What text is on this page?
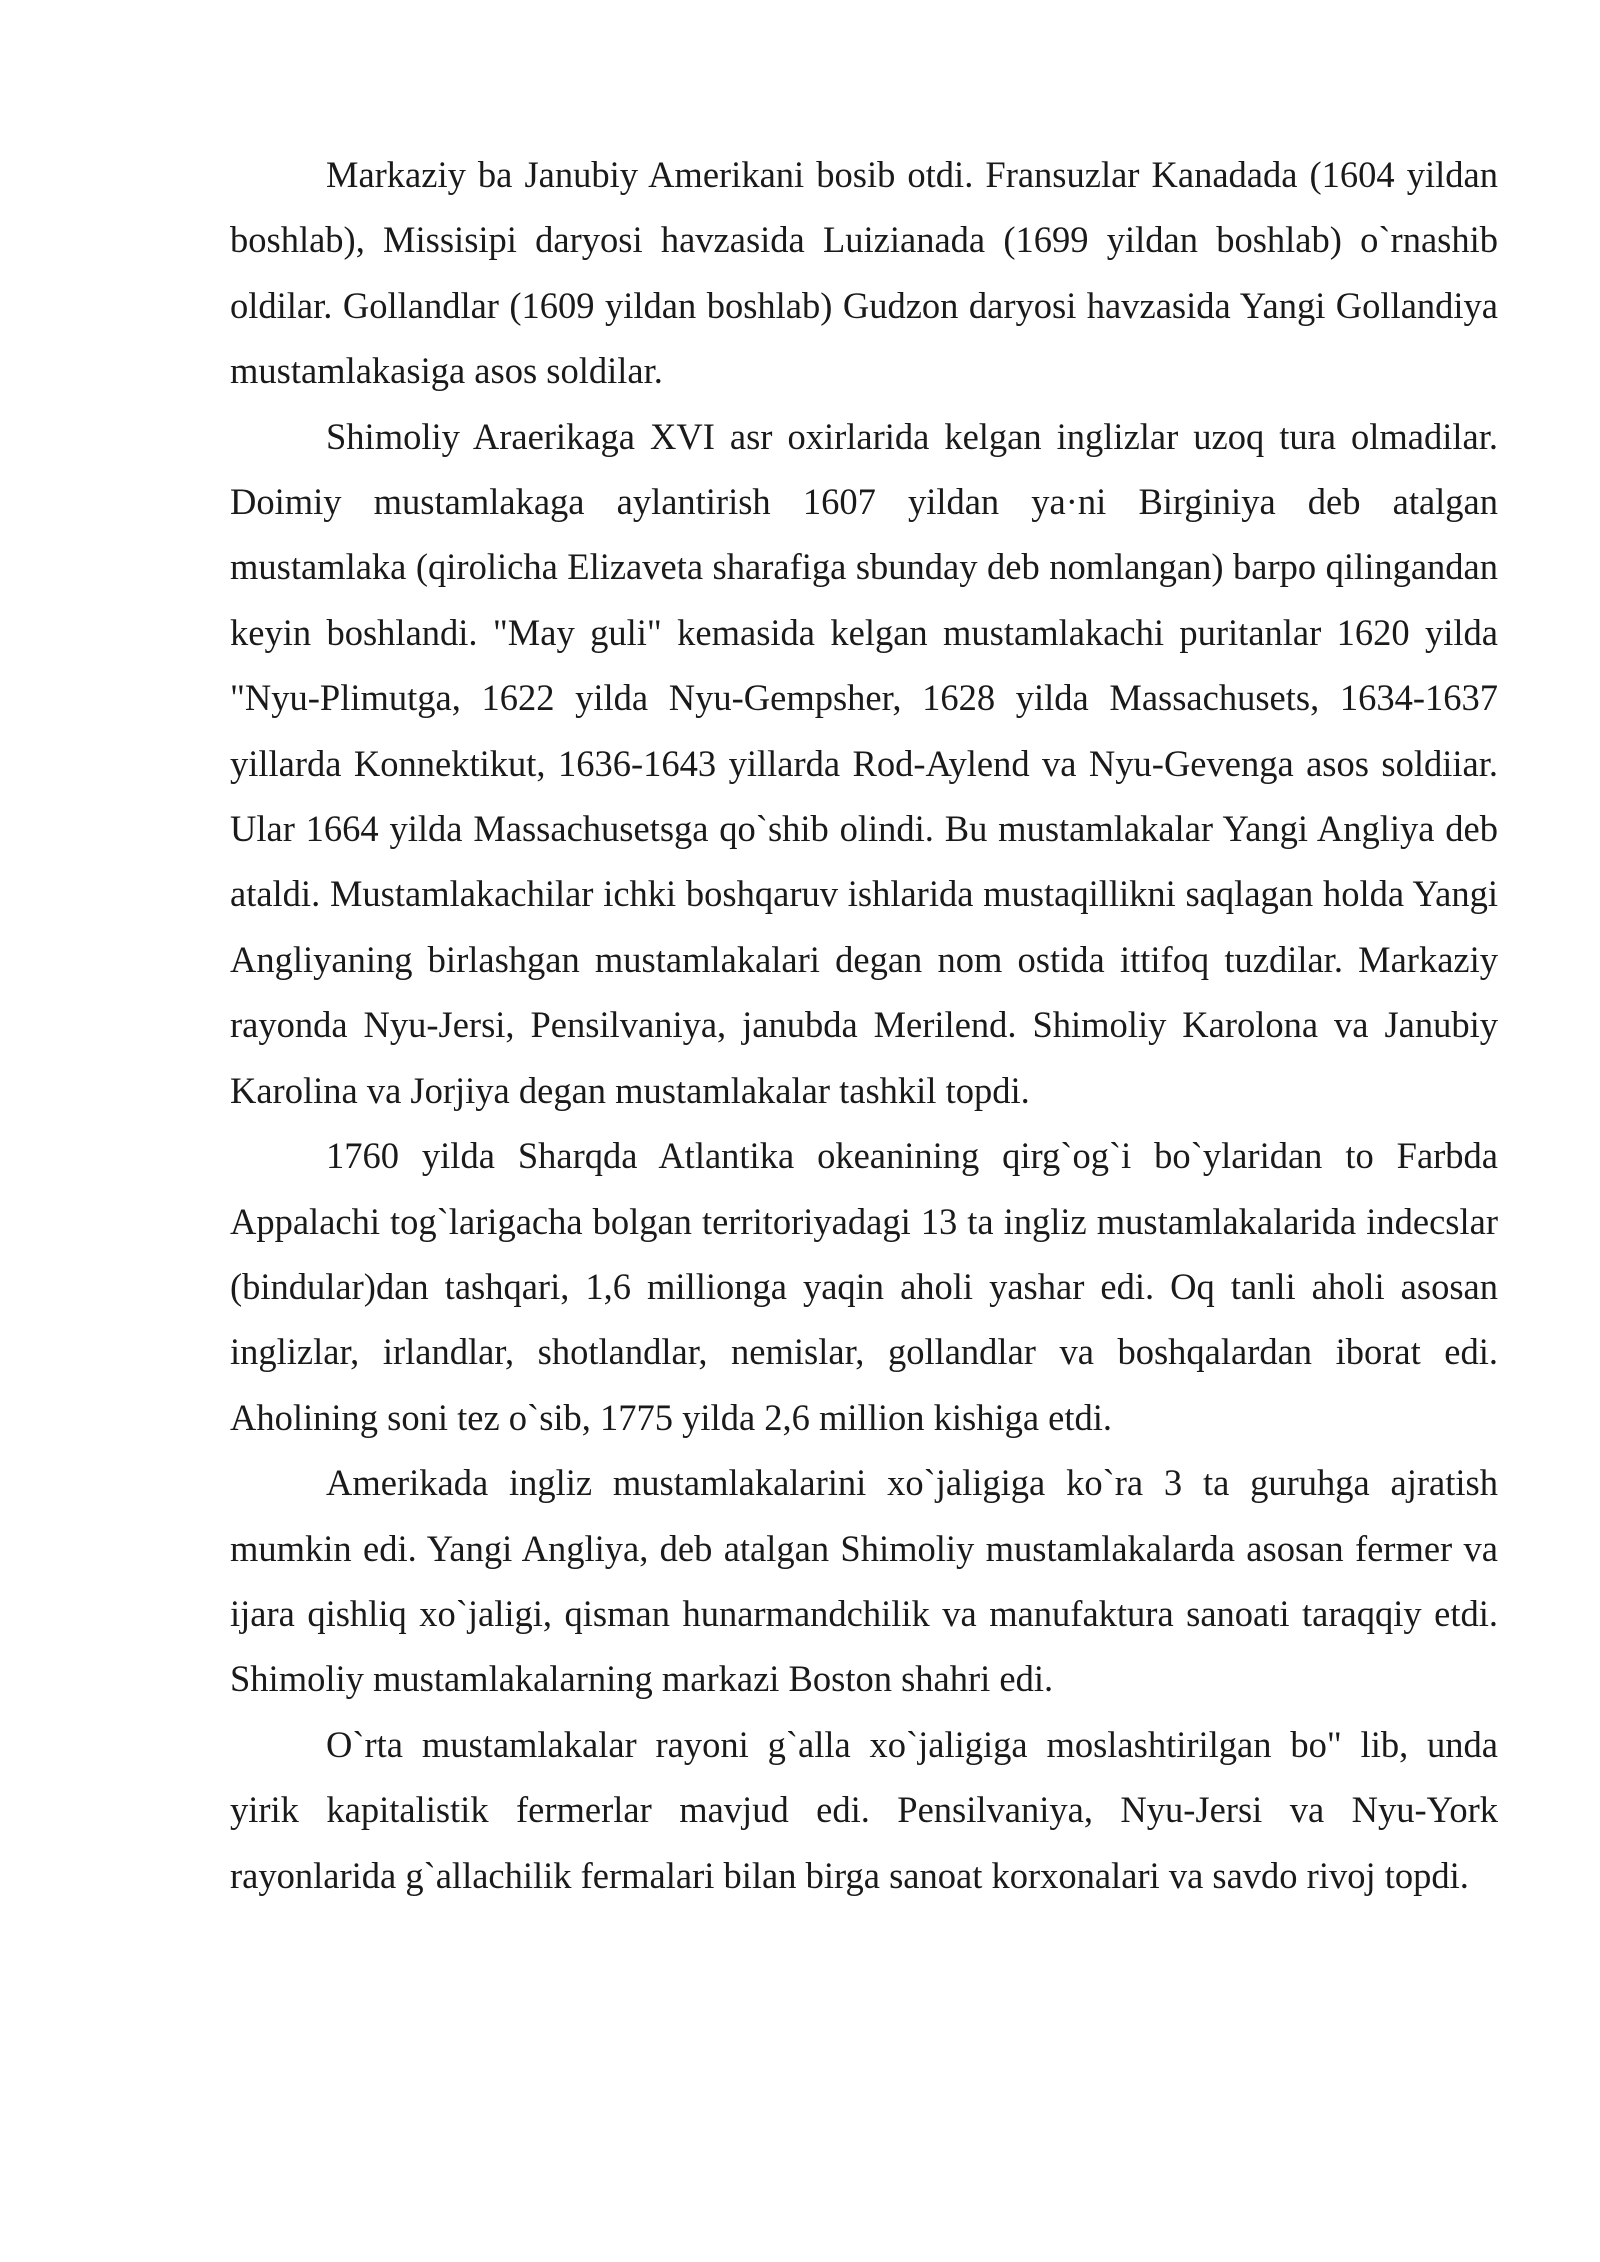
Markaziy ba Janubiy Amerikani bosib otdi. Fransuzlar Kanadada (1604 yildan boshlab), Missisipi daryosi havzasida Luizianada (1699 yildan boshlab) o`rnashib oldilar. Gollandlar (1609 yildan boshlab) Gudzon daryosi havzasida Yangi Gollandiya mustamlakasiga asos soldilar.

Shimoliy Araerikaga XVI asr oxirlarida kelgan inglizlar uzoq tura olmadilar. Doimiy mustamlakaga aylantirish 1607 yildan ya·ni Birginiya deb atalgan mustamlaka (qirolicha Elizaveta sharafiga sbunday deb nomlangan) barpo qilingandan keyin boshlandi. "May guli" kemasida kelgan mustamlakachi puritanlar 1620 yilda "Nyu-Plimutga, 1622 yilda Nyu-Gempsher, 1628 yilda Massachusets, 1634-1637 yillarda Konnektikut, 1636-1643 yillarda Rod-Aylend va Nyu-Gevenga asos soldiiar. Ular 1664 yilda Massachusetsga qo`shib olindi. Bu mustamlakalar Yangi Angliya deb ataldi. Mustamlakachilar ichki boshqaruv ishlarida mustaqillikni saqlagan holda Yangi Angliyaning birlashgan mustamlakalari degan nom ostida ittifoq tuzdilar. Markaziy rayonda Nyu-Jersi, Pensilvaniya, janubda Merilend. Shimoliy Karolona va Janubiy Karolina va Jorjiya degan mustamlakalar tashkil topdi.

1760 yilda Sharqda Atlantika okeanining qirg`og`i bo`ylaridan to Farbda Appalachi tog`larigacha bolgan territoriyadagi 13 ta ingliz mustamlakalarida indecslar (bindular)dan tashqari, 1,6 millionga yaqin aholi yashar edi. Oq tanli aholi asosan inglizlar, irlandlar, shotlandlar, nemislar, gollandlar va boshqalardan iborat edi. Aholining soni tez o`sib, 1775 yilda 2,6 million kishiga etdi.

Amerikada ingliz mustamlakalarini xo`jaligiga ko`ra 3 ta guruhga ajratish mumkin edi. Yangi Angliya, deb atalgan Shimoliy mustamlakalarda asosan fermer va ijara qishliq xo`jaligi, qisman hunarmandchilik va manufaktura sanoati taraqqiy etdi. Shimoliy mustamlakalarning markazi Boston shahri edi.

O`rta mustamlakalar rayoni g`alla xo`jaligiga moslashtirilgan bo" lib, unda yirik kapitalistik fermerlar mavjud edi. Pensilvaniya, Nyu-Jersi va Nyu-York rayonlarida g`allachilik fermalari bilan birga sanoat korxonalari va savdo rivoj topdi.
